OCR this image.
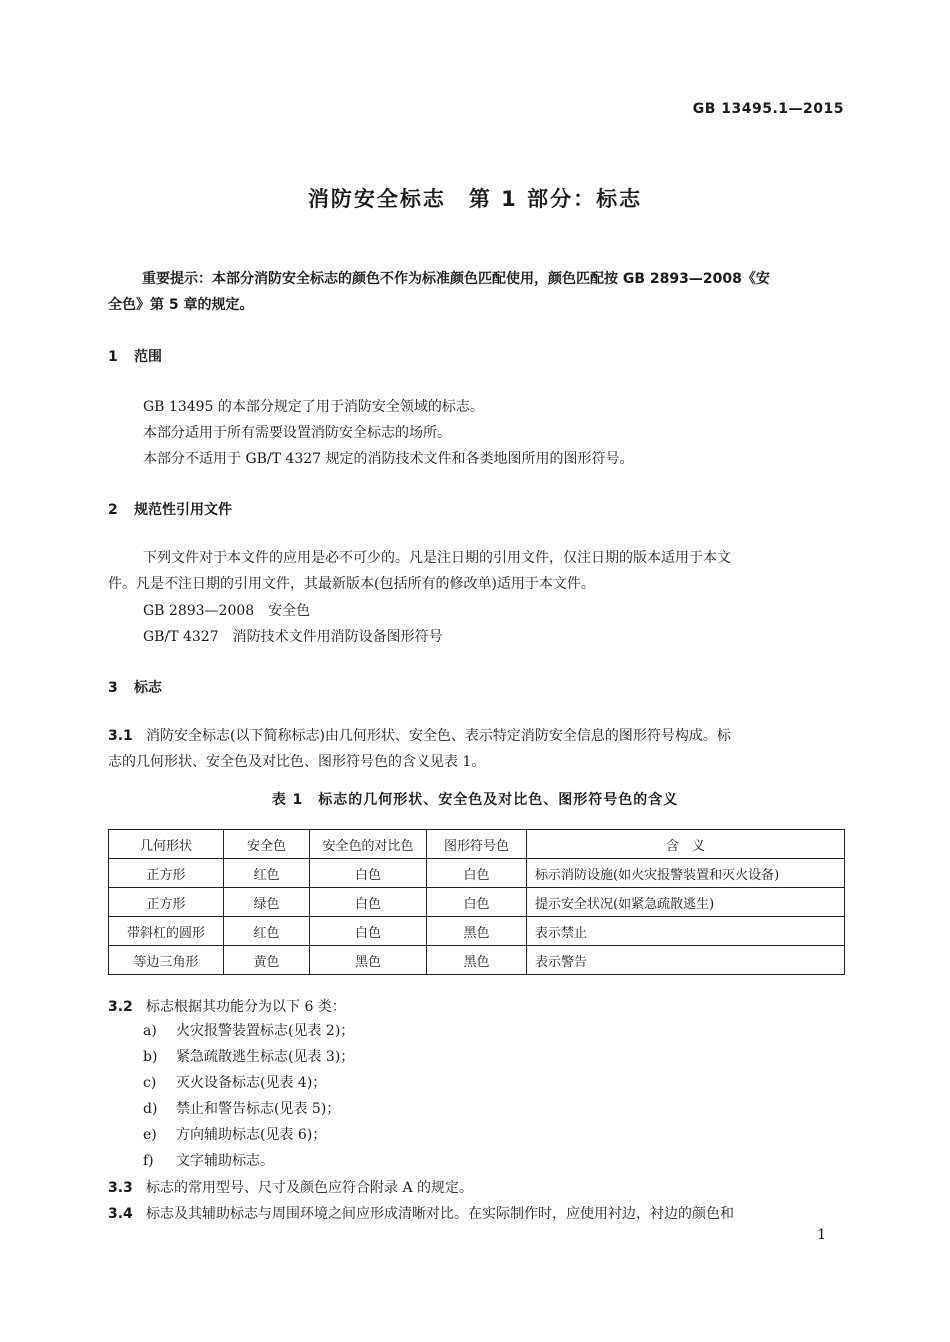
GB 13495.1—2015
消防安全标志　第 1 部分：标志
重要提示：本部分消防安全标志的颜色不作为标准颜色匹配使用，颜色匹配按 GB 2893—2008《安
全色》第 5 章的规定。
1 范围
GB 13495 的本部分规定了用于消防安全领域的标志。
本部分适用于所有需要设置消防安全标志的场所。
本部分不适用于 GB/T 4327 规定的消防技术文件和各类地图所用的图形符号。
2 规范性引用文件
下列文件对于本文件的应用是必不可少的。凡是注日期的引用文件，仅注日期的版本适用于本文
件。凡是不注日期的引用文件，其最新版本(包括所有的修改单)适用于本文件。
GB 2893—2008　安全色
GB/T 4327　消防技术文件用消防设备图形符号
3 标志
3.1 消防安全标志(以下简称标志)由几何形状、安全色、表示特定消防安全信息的图形符号构成。标
志的几何形状、安全色及对比色、图形符号色的含义见表 1。
表 1　标志的几何形状、安全色及对比色、图形符号色的含义
几何形状	安全色	安全色的对比色	图形符号色	含　义
正方形	红色	白色	白色	标示消防设施(如火灾报警装置和灭火设备)
正方形	绿色	白色	白色	提示安全状况(如紧急疏散逃生)
带斜杠的圆形	红色	白色	黑色	表示禁止
等边三角形	黄色	黑色	黑色	表示警告
3.2 标志根据其功能分为以下 6 类：
a) 火灾报警装置标志(见表 2)；
b) 紧急疏散逃生标志(见表 3)；
c) 灭火设备标志(见表 4)；
d) 禁止和警告标志(见表 5)；
e) 方向辅助标志(见表 6)；
f) 文字辅助标志。
3.3 标志的常用型号、尺寸及颜色应符合附录 A 的规定。
3.4 标志及其辅助标志与周围环境之间应形成清晰对比。在实际制作时，应使用衬边，衬边的颜色和
1
